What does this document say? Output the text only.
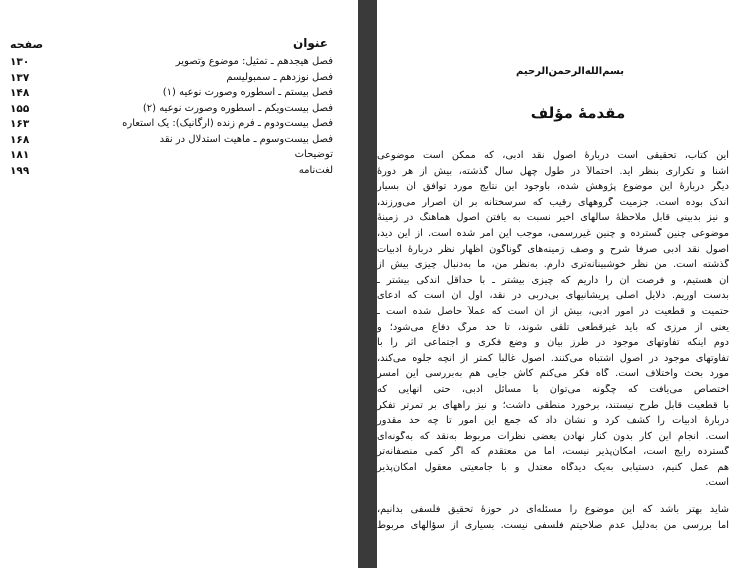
عنوان
صفحه
فصل هیجدهم ـ تمثیل: موضوع وتصویر
۱۳۰
فصل نوزدهم ـ سمبولیسم
۱۳۷
فصل بیستم ـ اسطوره وصورت نوعیه (۱)
۱۴۸
فصل بیست‌ویکم ـ اسطوره وصورت نوعیه (۲)
۱۵۵
فصل بیست‌ودوم ـ فرم زنده (ارگانیک): یک استعاره
۱۶۳
فصل بیست‌وسوم ـ ماهیت استدلال در نقد
۱۶۸
توضیحات
۱۸۱
لغت‌نامه
۱۹۹
بسم‌الله‌الرحمن‌الرحیم
مقدمهٔ مؤلف
این کتاب، تحقیقی است دربارهٔ اصول نقد ادبی، که ممکن است موضوعی
آشنا و تکراری بنظر آید. احتمالاً در طول چهل سال گذشته، بیش از هر دورهٔ
دیگر دربارهٔ این موضوع پژوهش شده، باوجود این نتایج مورد توافق آن بسیار
اندک بوده است. جزمیت گروههای رقیب که سرسختانه بر آن اصرار می‌ورزند،
و نیز بدبینی قابل ملاحظهٔ سالهای اخیر نسبت به یافتن اصول هماهنگ در زمینهٔ
موضوعی چنین گسترده و چنین غیررسمی، موجب این امر شده است. از این دید،
اصول نقد ادبی صرفاً شرح و وصف زمینه‌های گوناگون اظهار نظر دربارهٔ ادبیات
گذشته است. من نظر خوشبینانه‌تری دارم. به‌نظر من، ما به‌دنبال چیزی بیش از
آن هستیم، و فرصت آن را داریم که چیزی بیشتر ـ با حداقل اندکی بیشتر ـ
بدست آوریم. دلایل اصلی پریشانیهای بی‌دربی در نقد، اول آن است که ادعای
حتمیت و قطعیت در امور ادبی، بیش از آن است که عملاً حاصل شده است ـ
یعنی از مرزی که باید غیرقطعی تلقی شوند، تا حد مرگ دفاع می‌شود؛ و
دوم اینکه تفاوتهای موجود در طرز بیان و وضع فکری و اجتماعی اثر را با
تفاوتهای موجود در اصول اشتباه می‌کنند. اصول غالباً کمتر از آنچه جلوه می‌کند،
مورد بحث واختلاف است. گاه فکر می‌کنم کاش جایی هم به‌بررسی این امسر
اختصاص می‌یافت که چگونه می‌توان با مسائل ادبی، حتی آنهایی که
با قطعیت قابل طرح نیستند، برخورد منطقی داشت؛ و نیز راههای بر تمرتر تفکر
دربارهٔ ادبیات را کشف کرد و نشان داد که جمع این امور تا چه حد مقدور
است. انجام این کار بدون کنار نهادن بعضی نظرات مربوط به‌نقد که به‌گونه‌ای
گسترده رایج است، امکان‌پذیر نیست، اما من معتقدم که اگر کمی منصفانه‌تر
هم عمل کنیم، دستیابی به‌یک دیدگاه معتدل و با جامعیتی معقول امکان‌پذیر
است.
شاید بهتر باشد که این موضوع را مسئله‌ای در حوزهٔ تحقیق فلسفی بدانیم،
اما بررسی من به‌دلیل عدم صلاحیتم فلسفی نیست. بسیاری از سؤالهای مربوط
